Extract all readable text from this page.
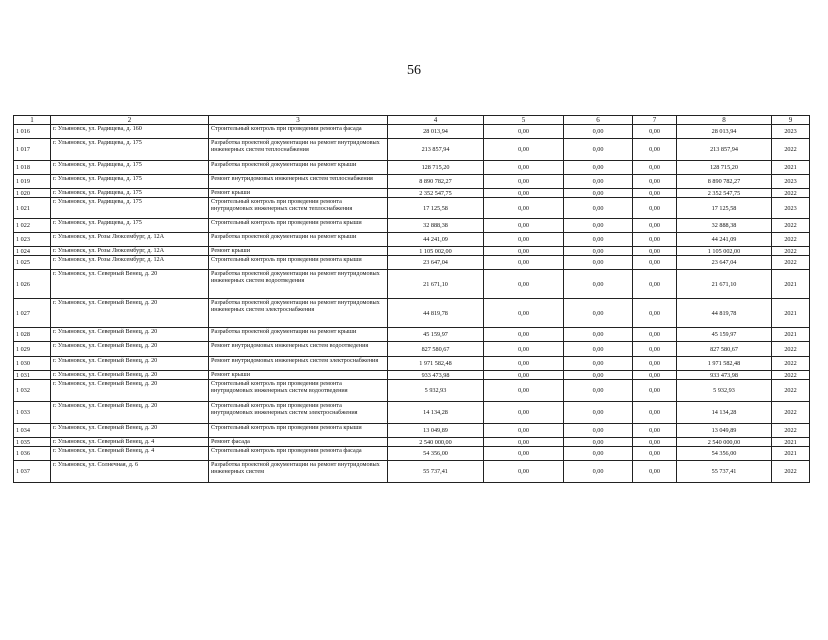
56
1	2	3	4	5	6	7	8	9
1 016	г. Ульяновск, ул. Радищева, д. 160	Строительный контроль при проведении ремонта фасада	28 013,94	0,00	0,00	0,00	28 013,94	2023
1 017	г. Ульяновск, ул. Радищева, д. 175	Разработка проектной документации на ремонт внутридомовых инженерных систем теплоснабжения	213 857,94	0,00	0,00	0,00	213 857,94	2022
1 018	г. Ульяновск, ул. Радищева, д. 175	Разработка проектной документации на ремонт крыши	128 715,20	0,00	0,00	0,00	128 715,20	2021
1 019	г. Ульяновск, ул. Радищева, д. 175	Ремонт внутридомовых инженерных систем теплоснабжения	8 890 782,27	0,00	0,00	0,00	8 890 782,27	2023
1 020	г. Ульяновск, ул. Радищева, д. 175	Ремонт крыши	2 352 547,75	0,00	0,00	0,00	2 352 547,75	2022
1 021	г. Ульяновск, ул. Радищева, д. 175	Строительный контроль при проведении ремонта внутридомовых инженерных систем теплоснабжения	17 125,58	0,00	0,00	0,00	17 125,58	2023
1 022	г. Ульяновск, ул. Радищева, д. 175	Строительный контроль при проведении ремонта крыши	32 888,38	0,00	0,00	0,00	32 888,38	2022
1 023	г. Ульяновск, ул. Розы Люксембург, д. 12А	Разработка проектной документации на ремонт крыши	44 241,09	0,00	0,00	0,00	44 241,09	2022
1 024	г. Ульяновск, ул. Розы Люксембург, д. 12А	Ремонт крыши	1 105 002,00	0,00	0,00	0,00	1 105 002,00	2022
1 025	г. Ульяновск, ул. Розы Люксембург, д. 12А	Строительный контроль при проведении ремонта крыши	23 647,04	0,00	0,00	0,00	23 647,04	2022
1 026	г. Ульяновск, ул. Северный Венец, д. 20	Разработка проектной документации на ремонт внутридомовых инженерных систем водоотведения	21 671,10	0,00	0,00	0,00	21 671,10	2021
1 027	г. Ульяновск, ул. Северный Венец, д. 20	Разработка проектной документации на ремонт внутридомовых инженерных систем электроснабжения	44 819,78	0,00	0,00	0,00	44 819,78	2021
1 028	г. Ульяновск, ул. Северный Венец, д. 20	Разработка проектной документации на ремонт крыши	45 159,97	0,00	0,00	0,00	45 159,97	2021
1 029	г. Ульяновск, ул. Северный Венец, д. 20	Ремонт внутридомовых инженерных систем водоотведения	827 580,67	0,00	0,00	0,00	827 580,67	2022
1 030	г. Ульяновск, ул. Северный Венец, д. 20	Ремонт внутридомовых инженерных систем электроснабжения	1 971 582,48	0,00	0,00	0,00	1 971 582,48	2022
1 031	г. Ульяновск, ул. Северный Венец, д. 20	Ремонт крыши	933 473,98	0,00	0,00	0,00	933 473,98	2022
1 032	г. Ульяновск, ул. Северный Венец, д. 20	Строительный контроль при проведении ремонта внутридомовых инженерных систем водоотведения	5 932,93	0,00	0,00	0,00	5 932,93	2022
1 033	г. Ульяновск, ул. Северный Венец, д. 20	Строительный контроль при проведении ремонта внутридомовых инженерных систем электроснабжения	14 134,28	0,00	0,00	0,00	14 134,28	2022
1 034	г. Ульяновск, ул. Северный Венец, д. 20	Строительный контроль при проведении ремонта крыши	13 049,89	0,00	0,00	0,00	13 049,89	2022
1 035	г. Ульяновск, ул. Северный Венец, д. 4	Ремонт фасада	2 540 000,00	0,00	0,00	0,00	2 540 000,00	2021
1 036	г. Ульяновск, ул. Северный Венец, д. 4	Строительный контроль при проведении ремонта фасада	54 356,00	0,00	0,00	0,00	54 356,00	2021
1 037	г. Ульяновск, ул. Солнечная, д. 6	Разработка проектной документации на ремонт внутридомовых инженерных систем	55 737,41	0,00	0,00	0,00	55 737,41	2022
